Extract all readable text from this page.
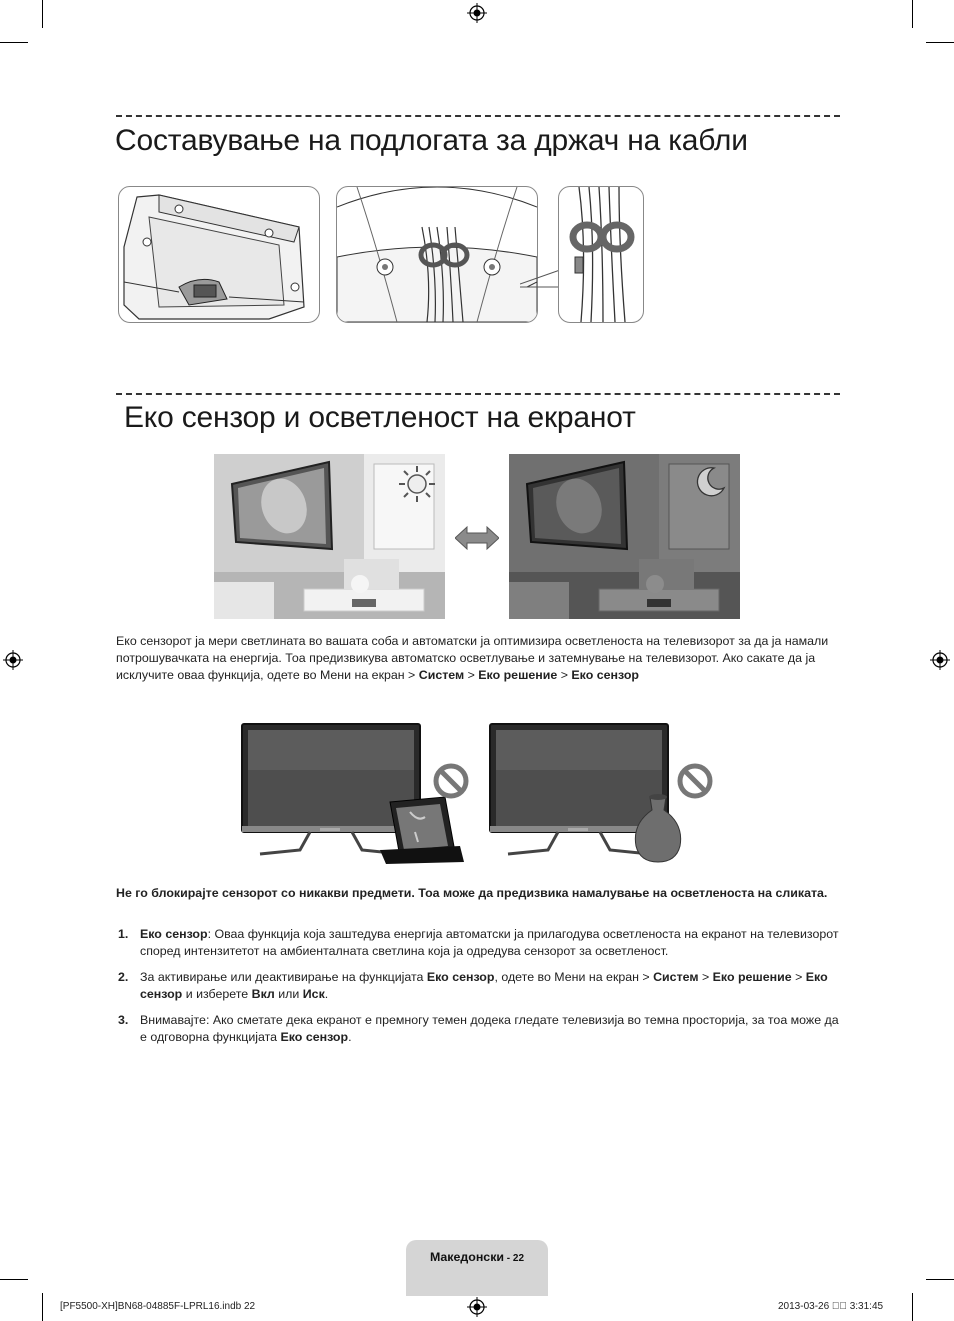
Составување на подлогата за држач на кабли
Еко сензор и осветленост на екранот
Еко сензорот ја мери светлината во вашата соба и автоматски ја оптимизира осветленоста на телевизорот за да ја намали потрошувачката на енергија. Тоа предизвикува автоматско осветлување и затемнување на телевизорот. Ако сакате да ја исклучите оваа функција, одете во Мени на екран > Систем > Еко решение > Еко сензор
Не го блокирајте сензорот со никакви предмети. Тоа може да предизвика намалување на осветленоста на сликата.
1. Еко сензор: Оваа функција која заштедува енергија автоматски ја прилагодува осветленоста на екранот на телевизорот според интензитетот на амбиенталната светлина која ја одредува сензорот за осветленост.
2. За активирање или деактивирање на функцијата Еко сензор, одете во Мени на екран > Систем > Еко решение > Еко сензор и изберете Вкл или Иск.
3. Внимавајте: Ако сметате дека екранот е премногу темен додека гледате телевизија во темна просторија, за тоа може да е одговорна функцијата Еко сензор.
Македонски - 22
[PF5500-XH]BN68-04885F-LPRL16.indb 22	2013-03-26 ￿￿ 3:31:45
